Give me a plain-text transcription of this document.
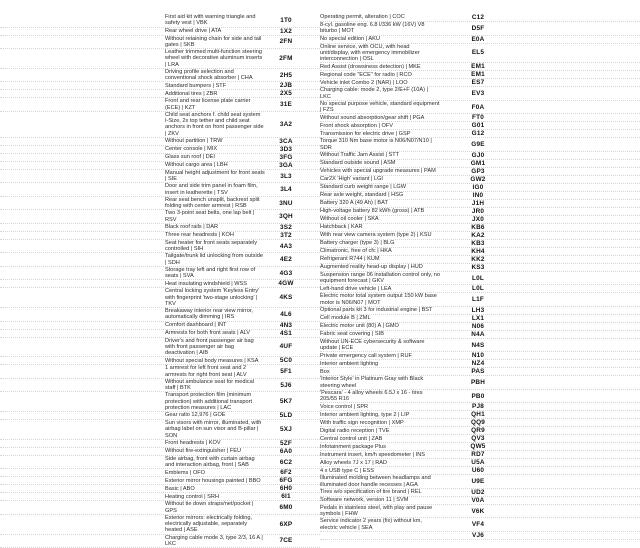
First aid kit with warning triangle and safety vest | VBK	1T0
Rear wheel drive | ATA	1X2
Without retaining chain for side and tail gates | SKB	2FN
Leather trimmed multi-function steering wheel with decorative aluminum inserts | LRA
2FM
Driving profile selection and conventional shock absorber | CHA	2H5
Standard bumpers | STF	2JB
Additional tires | ZBR	2X5
Front and rear license plate carrier (ECE) | KZT	31E
Child seat anchors f. child seat system I-Size, 2x top tether and child seat anchors in front on front passenger side | ZKV
3A2
Without partition | TRW	3CA
Center console | MIX	3D3
Glass sun roof | DEI	3FG
Without cargo area | LBH	3GA
Manual height adjustment for front seats | SIE	3L3
Door and side trim panel in foam film, insert in leatherette | TSV	3L4
Rear seat bench unsplit, backrest split folding with center armrest | RSB	3NU
Two 3-point seat belts, one lap belt | RSV	3QH
Black roof rails | DAR	3S2
Three rear headrests | KOH	3T2
Seat heater for front seats separately controlled | SIH	4A3
Tailgate/trunk lid unlocking from outside | SDH	4E2
Storage tray left and right first row of seats | SVA	4G3
Heat insulating windshield | WSS	4GW
Central locking system 'Keyless Entry' with fingerprint 'two-stage unlocking' | TKV
4KS
Breakaway interior rear view mirror, automatically dimming | IRS	4L6
Comfort dashboard | INT	4N3
Armrests for both front seats | ALV	4S1
Driver's and front passenger air bag with front passenger air bag deactivation | AIB
4UF
Without special body measures | KSA	5C0
1 armrest for left front seat and 2 armrests for right front seat | ALV	5F1
Without ambulance seat for medical staff | BTK	5J6
Transport protection film (minimum protection) with additional transport protection measures | LAC
5K7
Gear ratio 12,976 | GOE	5LD
Sun visors with mirror, illuminated, with airbag label on sun visor and B-pillar | SON
5XJ
Front headrests | KOV	5ZF
Without fire-extinguisher | FEU	6A0
Side airbag, front with curtain airbag and interaction airbag, front | SAB	6C2
Emblems | OFO	6F2
Exterior mirror housings painted | BBO	6FG
Basic | ABO	6H0
Heating control | SRH	6I1
Without tie down straps/net/pocket | GPS	6M0
Exterior mirrors: electrically folding, electrically adjustable, separately heated | ASE
6XP
Charging cable mode 3, type 2/3, 16 A | LKC	7CE
Operating permit, alteration | COC	C12
8-cyl. gasoline eng. 6.8 l/336 kW (16V) V8 biturbo | MOT	D5F
No special edition | AKU	E0A
Online service, with OCU, with head unit/display, with emergency immobilizer interconnection | OSL
EL5
Red Assist (drowsiness detection) | MKE	EM1
Regional code "ECE" for radio | RCO	EM1
Vehicle inlet Combo 2 (NAR) | LOO	ES7
Charging cable: mode 2, type 2/E+F (10A) | LKC	EV3
No special purpose vehicle, standard equipment | FZS	F0A
Without sound absorption/gear shift | PGA	FT0
Front shock absorption | OFV	G01
Transmission for electric drive | GSP	G12
Torque 310 Nm base motor is N06/N07/N10 | SDR	G9E
Without Traffic Jam Assist | STT	GJ0
Standard outside sound | ASM	GM1
Vehicles with special upgrade measures | PAM	GP3
Car2X 'High' variant | LGI	GW2
Standard curb weight range | LGW	IG0
Rear axle weight, standard | HSG	IN0
Battery 320 A (49 Ah) | BAT	J1H
High-voltage battery 82 kWh (gross) | ATB	JR0
Without oil cooler | SKA	JX0
Hatchback | KAR	KB6
With rear view camera system (type 2) | KSU	KA2
Battery charger (type 3) | BLG	KB3
Climatronic, free of cfc | HKA	KH4
Refrigerant R744 | KUM	KK2
Augmented reality head-up display | HUD	KS3
Suspension range 06 installation control only, no equipment forecast | GKV	L0L
Left-hand drive vehicle | LEA	L0L
Electric motor total system output 150 kW base motor is N06/N07 | MOT	L1F
Optional parts kit 3 for industrial engine | BST	LH3
Cell module B | ZML	LX1
Electric motor unit (80) A | GMO	N06
Fabric seat covering | SIB	N4A
Without UN-ECE cybersecurity & software update | ECE	N4S
Private emergency call system | RUF	N10
Interior ambient lighting	NZ4
Box	PAS
'Interior Style' in Platinum Gray with Black steering wheel	PBH
'Pescara' - 4 alloy wheels 6.5J x 16 - tires 205/55 R16	PB0
Voice control | SPR	PJ8
Interior ambient lighting, type 2 | LIP	QH1
With traffic sign recognition | XMP	QQ9
Digital radio reception | TVE	QR9
Central control unit | ZAB	QV3
Infotainment package Plus	QW5
Instrument insert, km/h speedometer | INS	RD7
Alloy wheels 7J x 17 | RAD	U5A
4 x USB type C | ESS	U60
Illuminated molding between headlamps and illuminated door handle recesses | AGA	U9E
Tires w/o specification of tire brand | REL	UD2
Software network, version 11 | SVM	V0A
Pedals in stainless steel, with play and pause symbols | FHW	V6K
Service indicator 2 years (fix) without km, electric vehicle | SEA	VF4
VJ6
